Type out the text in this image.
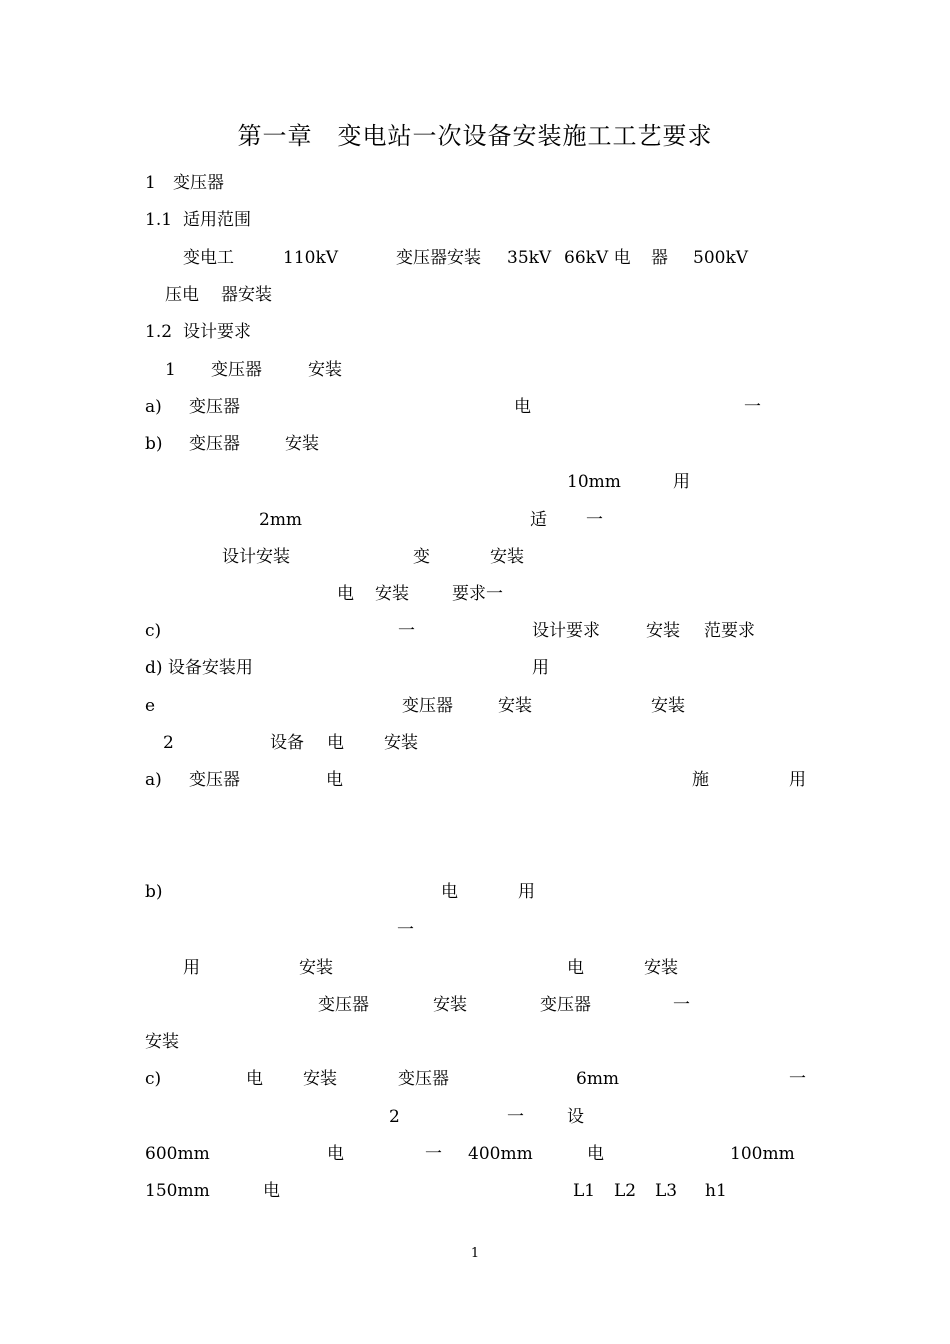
第一章　变电站一次设备安装施工工艺要求
1 变压器
1.1 适用范围
变电工	110kV	变压器安装 35kV 66kV 电 器 500kV
压电 器安装
1.2 设计要求
1 变压器	安装
a) 变压器	电	一
b) 变压器	安装
10mm	用
2mm	适 一
设计安装	变	安装
电 安装	要求一
c)	一	设计要求	安装 范要求
d) 设备安装用	用
e	变压器	安装	安装
2	设备 电 安装
a) 变压器	电	施	用
b)	电	用
一
用	安装	电	安装
变压器	安装	变压器	一
安装
c)	电 安装	变压器	6mm	一
2	一	设
600mm	电	一 400mm	电	100mm
150mm	电	L1 L2 L3 h1
1
